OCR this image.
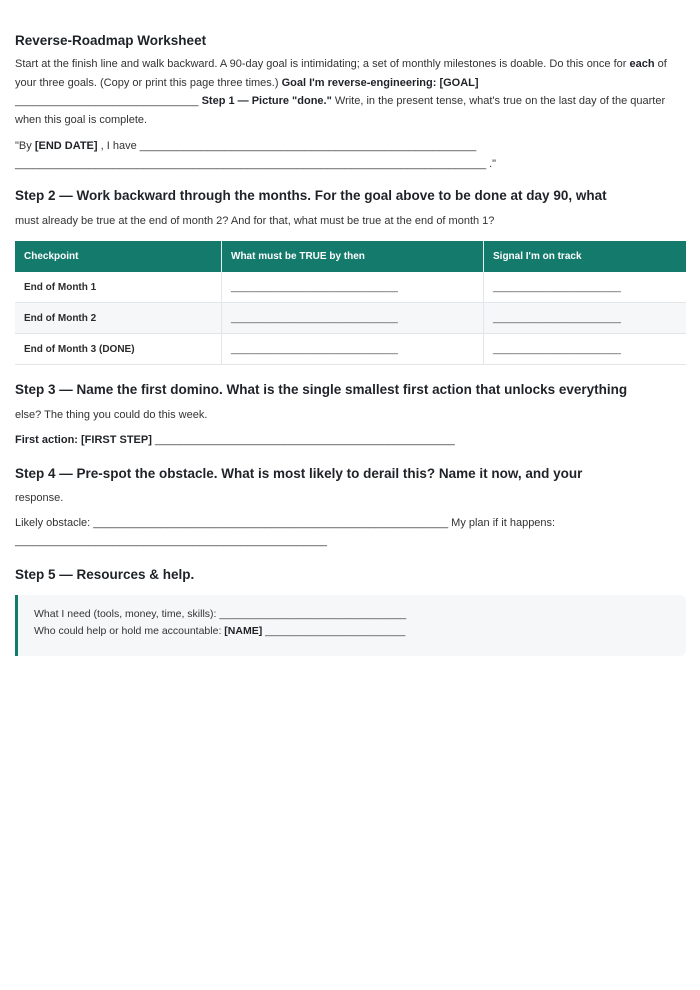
Reverse-Roadmap Worksheet

Start at the finish line and walk backward. A 90-day goal is intimidating; a set of monthly milestones is doable. Do this once for each of your three goals. (Copy or print this page three times.) Goal I'm reverse-engineering: [GOAL]
______________________________ Step 1 — Picture "done." Write, in the present tense, what's true on the last day of the quarter when this goal is complete.

"By [END DATE] , I have _______________________________________________________

_____________________________________________________________________________ ."

Step 2 — Work backward through the months. For the goal above to be done at day 90, what

must already be true at the end of month 2? And for that, what must be true at the end of month 1?

Checkpoint	What must be TRUE by then	Signal I'm on track
End of Month 1	______________________________	_______________________
End of Month 2	______________________________	_______________________
End of Month 3 (DONE)	______________________________	_______________________
Step 3 — Name the first domino. What is the single smallest first action that unlocks everything

else? The thing you could do this week.

First action: [FIRST STEP] _________________________________________________

Step 4 — Pre-spot the obstacle. What is most likely to derail this? Name it now, and your

response.

Likely obstacle: __________________________________________________________ My plan if it happens:

___________________________________________________

Step 5 — Resources & help.
What I need (tools, money, time, skills): ________________________________
Who could help or hold me accountable: [NAME] ________________________
